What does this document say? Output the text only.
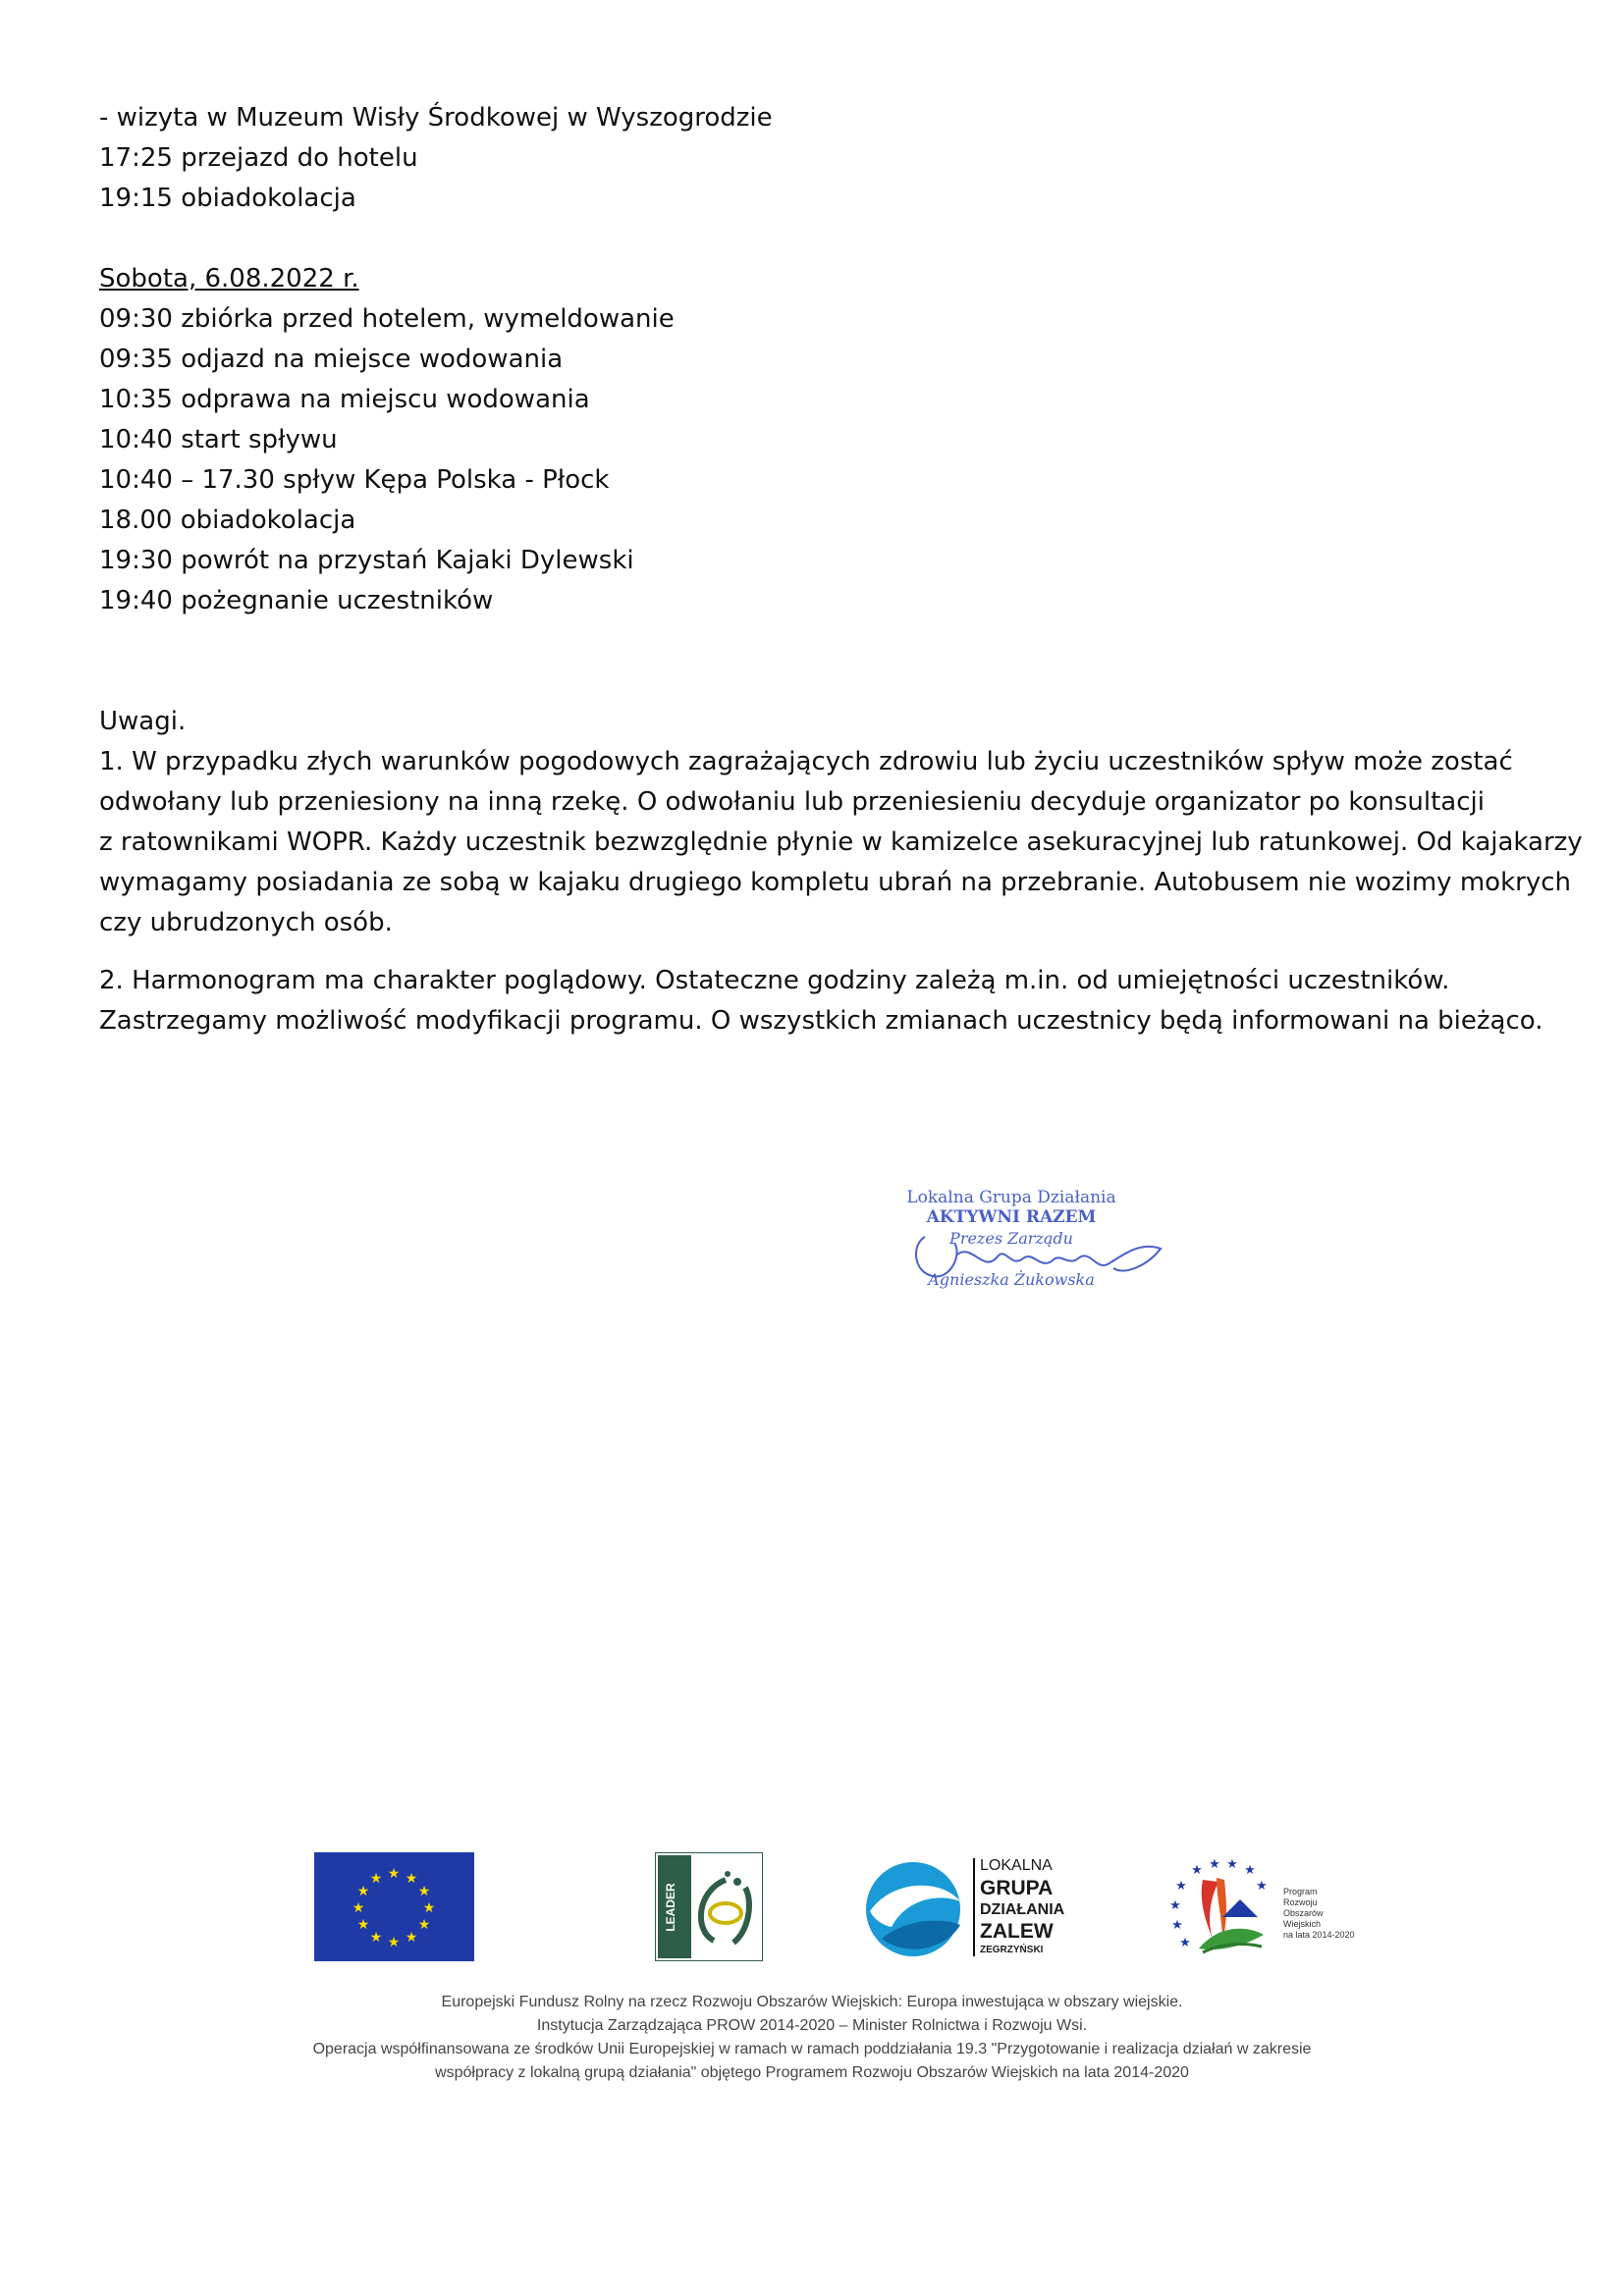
- wizyta w Muzeum Wisły Środkowej w Wyszogrodzie

17:25 przejazd do hotelu

19:15 obiadokolacja

Sobota, 6.08.2022 r.

09:30 zbiórka przed hotelem, wymeldowanie

09:35 odjazd na miejsce wodowania

10:35 odprawa na miejscu wodowania

10:40 start spływu

10:40 – 17.30 spływ Kępa Polska - Płock

18.00 obiadokolacja

19:30 powrót na przystań Kajaki Dylewski

19:40 pożegnanie uczestników

Uwagi.

1. W przypadku złych warunków pogodowych zagrażających zdrowiu lub życiu uczestników spływ może zostać
odwołany lub przeniesiony na inną rzekę. O odwołaniu lub przeniesieniu decyduje organizator po konsultacji
z ratownikami WOPR. Każdy uczestnik bezwzględnie płynie w kamizelce asekuracyjnej lub ratunkowej. Od kajakarzy
wymagamy posiadania ze sobą w kajaku drugiego kompletu ubrań na przebranie. Autobusem nie wozimy mokrych
czy ubrudzonych osób.
2. Harmonogram ma charakter poglądowy. Ostateczne godziny zależą m.in. od umiejętności uczestników.
Zastrzegamy możliwość modyfikacji programu. O wszystkich zmianach uczestnicy będą informowani na bieżąco.
Lokalna Grupa Działania
AKTYWNI RAZEM
Prezes Zarządu
Agnieszka Żukowska
★ ★
★
★
★
★
★
★
★
★
★
★
LEADER
LOKALNA
GRUPA
DZIAŁANIA
ZALEW
ZEGRZYŃSKI
★ ★ ★ ★
★	★
★
★
★
Program
Rozwoju
Obszarów
Wiejskich
na lata 2014-2020

Europejski Fundusz Rolny na rzecz Rozwoju Obszarów Wiejskich: Europa inwestująca w obszary wiejskie.

Instytucja Zarządzająca PROW 2014-2020 – Minister Rolnictwa i Rozwoju Wsi.

Operacja współfinansowana ze środków Unii Europejskiej w ramach w ramach poddziałania 19.3 "Przygotowanie i realizacja działań w zakresie

współpracy z lokalną grupą działania" objętego Programem Rozwoju Obszarów Wiejskich na lata 2014-2020
